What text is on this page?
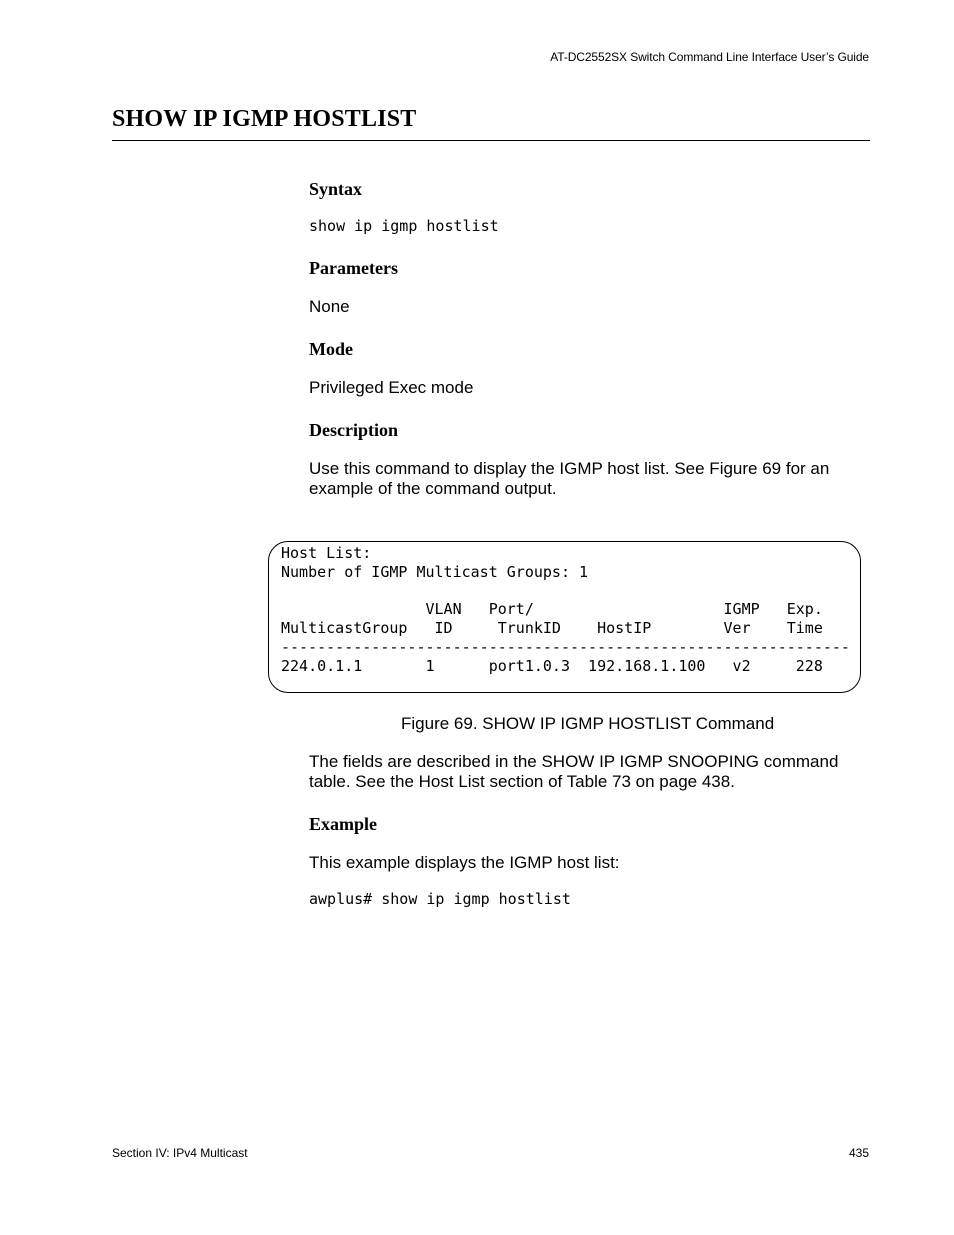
AT-DC2552SX Switch Command Line Interface User’s Guide
SHOW IP IGMP HOSTLIST
Syntax
show ip igmp hostlist
Parameters
None
Mode
Privileged Exec mode
Description
Use this command to display the IGMP host list. See Figure 69 for an example of the command output.
Host List:
Number of IGMP Multicast Groups: 1
VLAN   Port/                     IGMP   Exp.
MulticastGroup   ID     TrunkID    HostIP        Ver    Time
---------------------------------------------------------------
224.0.1.1       1      port1.0.3  192.168.1.100   v2     228
Figure 69. SHOW IP IGMP HOSTLIST Command
The fields are described in the SHOW IP IGMP SNOOPING command table. See the Host List section of Table 73 on page 438.
Example
This example displays the IGMP host list:
awplus# show ip igmp hostlist
Section IV: IPv4 Multicast	435
